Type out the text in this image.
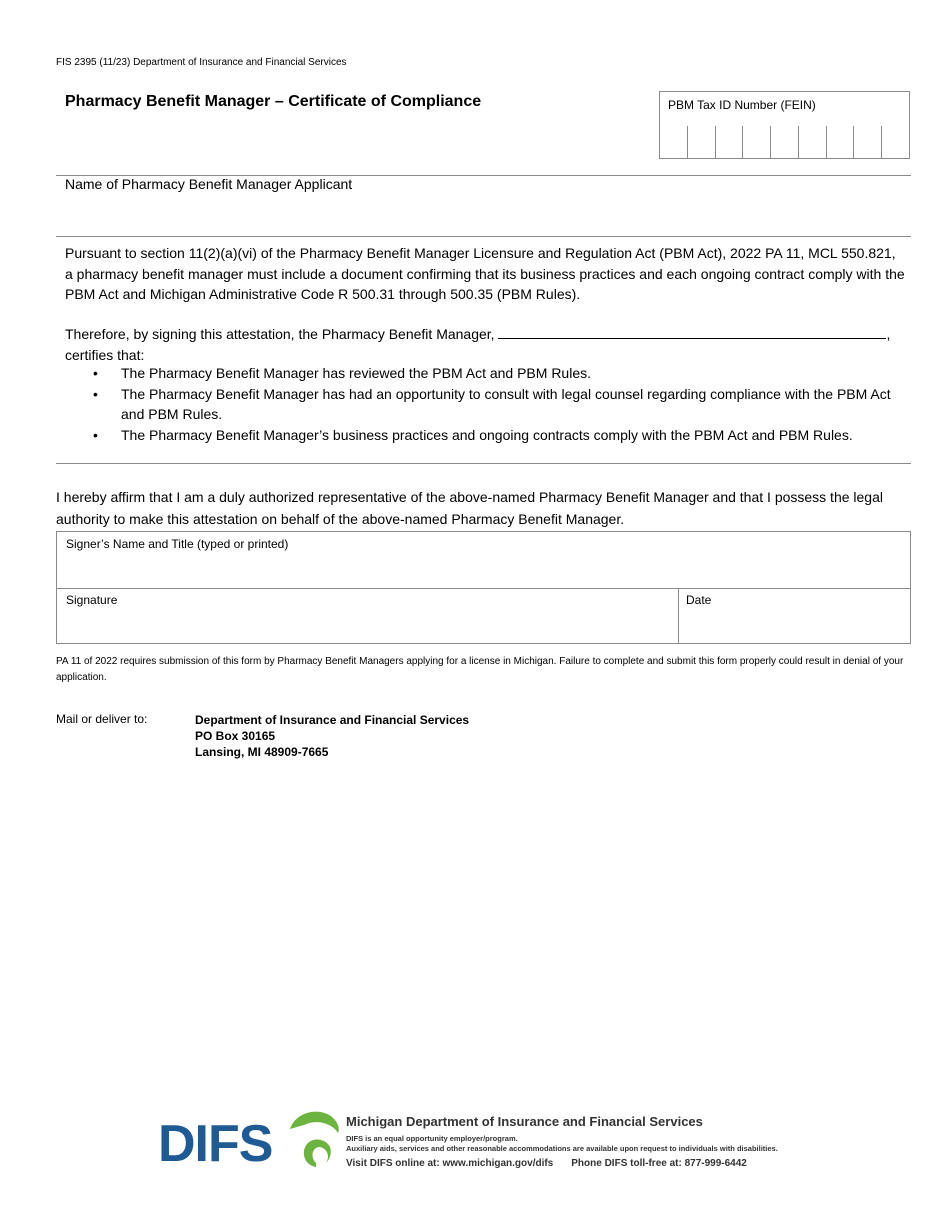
FIS 2395 (11/23) Department of Insurance and Financial Services
Pharmacy Benefit Manager – Certificate of Compliance	PBM Tax ID Number (FEIN)
Name of Pharmacy Benefit Manager Applicant
Pursuant to section 11(2)(a)(vi) of the Pharmacy Benefit Manager Licensure and Regulation Act (PBM Act), 2022 PA 11, MCL 550.821, a pharmacy benefit manager must include a document confirming that its business practices and each ongoing contract comply with the PBM Act and Michigan Administrative Code R 500.31 through 500.35 (PBM Rules).
Therefore, by signing this attestation, the Pharmacy Benefit Manager,	, certifies that:
• The Pharmacy Benefit Manager has reviewed the PBM Act and PBM Rules.
• The Pharmacy Benefit Manager has had an opportunity to consult with legal counsel regarding compliance with the PBM Act and PBM Rules.
• The Pharmacy Benefit Manager’s business practices and ongoing contracts comply with the PBM Act and PBM Rules.
I hereby affirm that I am a duly authorized representative of the above-named Pharmacy Benefit Manager and that I possess the legal authority to make this attestation on behalf of the above-named Pharmacy Benefit Manager.
Signer’s Name and Title (typed or printed)
Signature	Date
PA 11 of 2022 requires submission of this form by Pharmacy Benefit Managers applying for a license in Michigan. Failure to complete and submit this form properly could result in denial of your application.
Mail or deliver to:	Department of Insurance and Financial Services
PO Box 30165
Lansing, MI 48909-7665
DIFS	Michigan Department of Insurance and Financial Services
DIFS is an equal opportunity employer/program.
Auxiliary aids, services and other reasonable accommodations are available upon request to individuals with disabilities.
Visit DIFS online at: www.michigan.gov/difs Phone DIFS toll-free at: 877-999-6442
